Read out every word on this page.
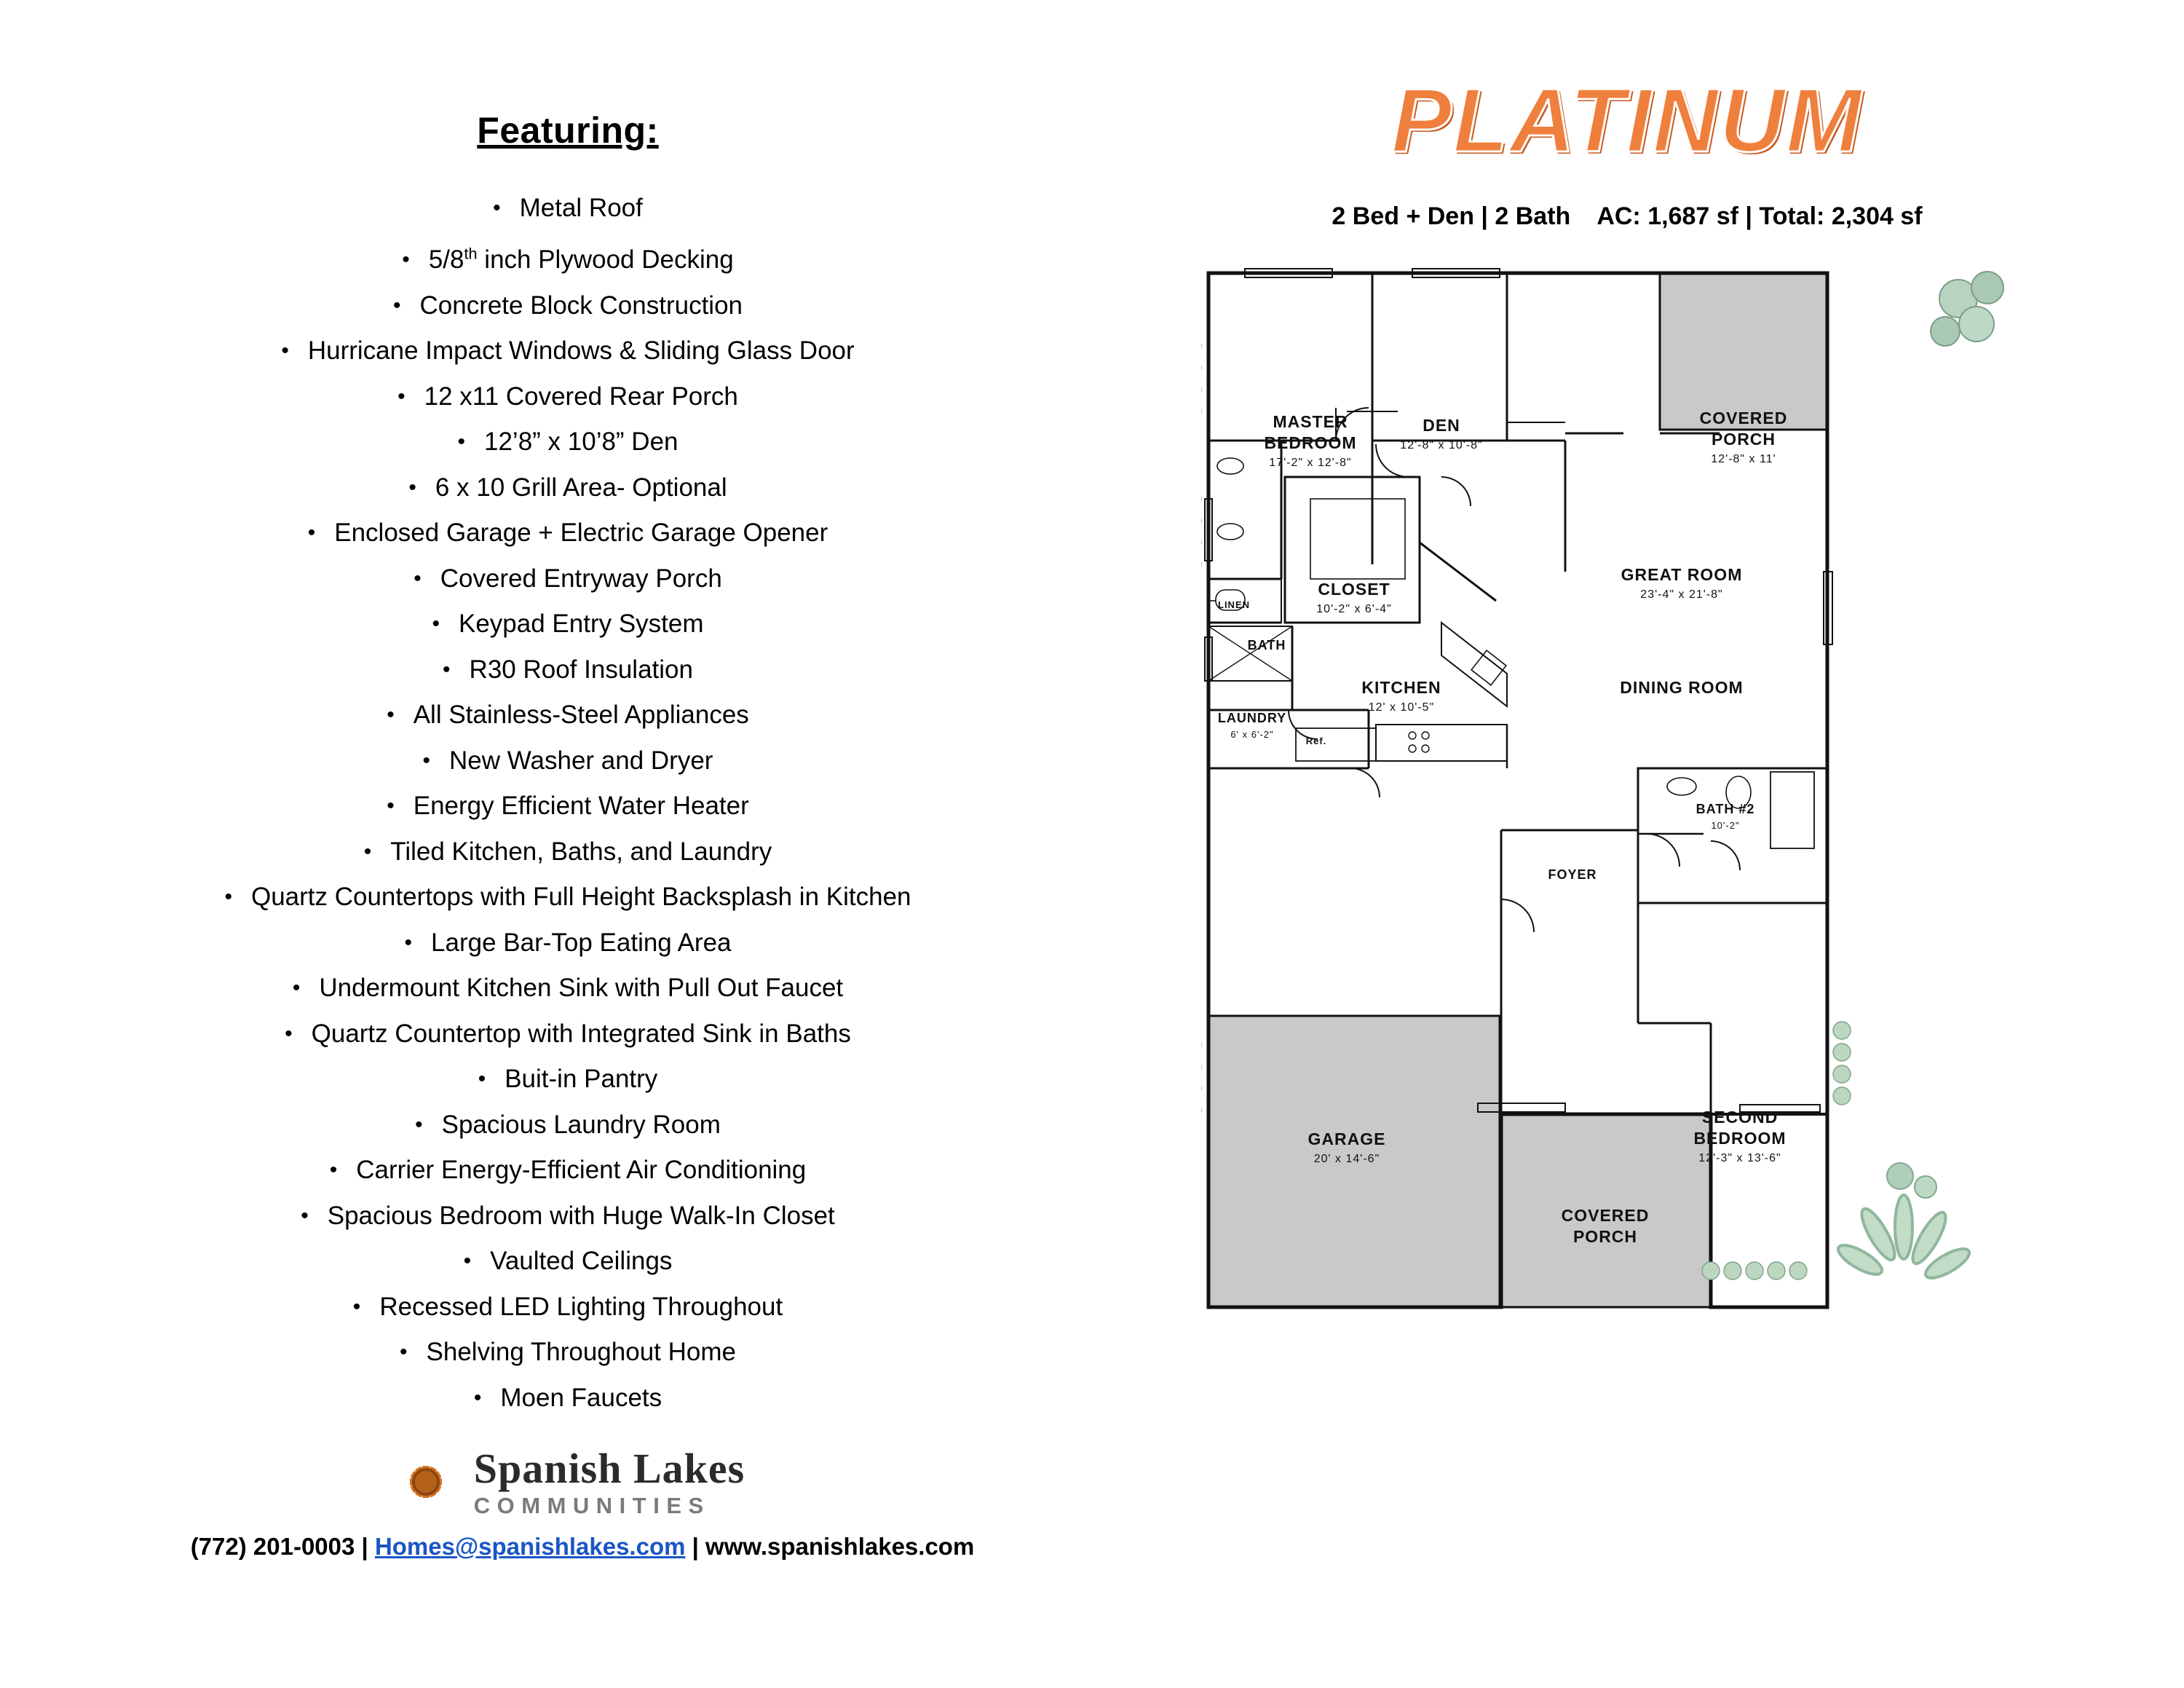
Featuring:
• Metal Roof
• 5/8th inch Plywood Decking
• Concrete Block Construction
• Hurricane Impact Windows & Sliding Glass Door
• 12 x11 Covered Rear Porch
• 12’8” x 10’8” Den
• 6 x 10 Grill Area- Optional
• Enclosed Garage + Electric Garage Opener
• Covered Entryway Porch
• Keypad Entry System
• R30 Roof Insulation
• All Stainless-Steel Appliances
• New Washer and Dryer
• Energy Efficient Water Heater
• Tiled Kitchen, Baths, and Laundry
• Quartz Countertops with Full Height Backsplash in Kitchen
• Large Bar-Top Eating Area
• Undermount Kitchen Sink with Pull Out Faucet
• Quartz Countertop with Integrated Sink in Baths
• Buit-in Pantry
• Spacious Laundry Room
• Carrier Energy-Efficient Air Conditioning
• Spacious Bedroom with Huge Walk-In Closet
• Vaulted Ceilings
• Recessed LED Lighting Throughout
• Shelving Throughout Home
• Moen Faucets
Spanish Lakes
COMMUNITIES
(772) 201-0003 | Homes@spanishlakes.com | www.spanishlakes.com
PLATINUM
2 Bed + Den | 2 Bath AC: 1,687 sf | Total: 2,304 sf
MASTER BEDROOM
17'-2" x 12'-8"
DEN
12'-8" x 10'-8"
COVERED PORCH
12'-8" x 11'
GREAT ROOM
23'-4" x 21'-8"
DINING ROOM
CLOSET
10'-2" x 6'-4"
LINEN
BATH
KITCHEN
12' x 10'-5"
LAUNDRY
6' x 6'-2"
Ref.
BATH #2
10'-2"
FOYER
GARAGE
20' x 14'-6"
SECOND BEDROOM
12'-3" x 13'-6"
COVERED PORCH
